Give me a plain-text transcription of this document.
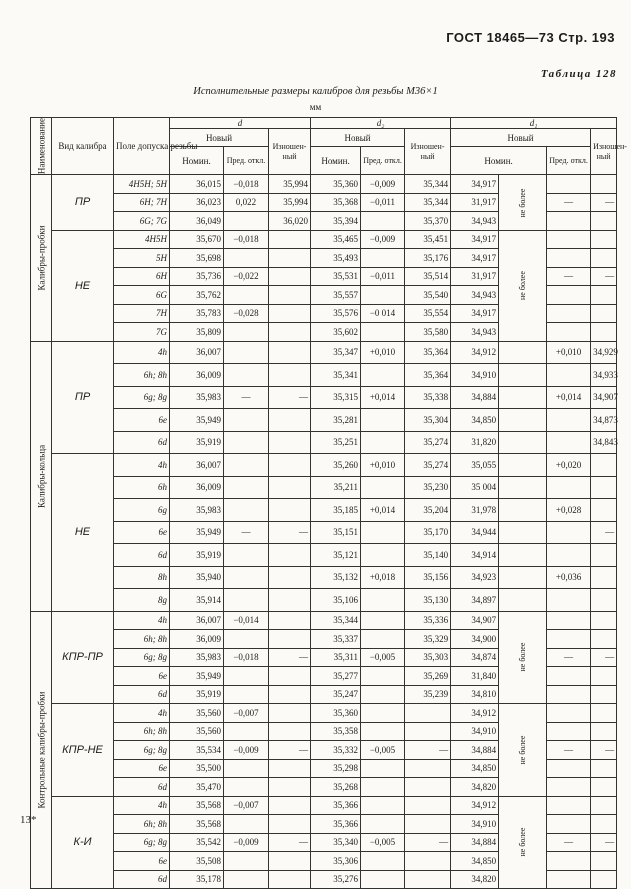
ГОСТ 18465—73 Стр. 193
Таблица 128
Исполнительные размеры калибров для резьбы М36×1
мм
Наименование	Вид калибра	Поле допуска резьбы	d			d₂			d₁			
			Новый		Изношен-ный	Новый		Изношен-ный	Новый			Изношен-ный
			Номин.	Пред. откл.		Номин.	Пред. откл.		Номин.		Пред. откл.	
Калибры-пробки	ПР	4H5H; 5H	36,015	−0,018	35,994	35,360	−0,009	35,344	34,917	не более		
		6H; 7H	36,023	0,022	35,994	35,368	−0,011	35,344	31,917		—	—
		6G; 7G	36,049		36,020	35,394		35,370	34,943			
	НЕ	4H5H	35,670	−0,018		35,465	−0,009	35,451	34,917	не более		
		5H	35,698			35,493		35,176	34,917			
		6H	35,736	−0,022		35,531	−0,011	35,514	31,917		—	—
		6G	35,762			35,557		35,540	34,943			
		7H	35,783	−0,028		35,576	−0 014	35,554	34,917			
		7G	35,809			35,602		35,580	34,943			
Калибры-кольца	ПР	4h	36,007			35,347	+0,010	35,364	34,912		+0,010	34,929
		6h; 8h	36,009			35,341		35,364	34,910			34,933
		6g; 8g	35,983	—	—	35,315	+0,014	35,338	34,884		+0,014	34,907
		6e	35,949			35,281		35,304	34,850			34,873
		6d	35,919			35,251		35,274	31,820			34,843
	НЕ	4h	36,007			35,260	+0,010	35,274	35,055		+0,020	
		6h	36,009			35,211		35,230	35 004			
		6g	35,983			35,185	+0,014	35,204	31,978		+0,028	
		6e	35,949	—	—	35,151		35,170	34,944			—
		6d	35,919			35,121		35,140	34,914			
		8h	35,940			35,132	+0,018	35,156	34,923		+0,036	
		8g	35,914			35,106		35,130	34,897			
Контрольные калибры-пробки	КПР-ПР	4h	36,007	−0,014		35,344		35,336	34,907	не более		
		6h; 8h	36,009			35,337		35,329	34,900			
		6g; 8g	35,983	−0,018	—	35,311	−0,005	35,303	34,874		—	—
		6e	35,949			35,277		35,269	31,840			
		6d	35,919			35,247		35,239	34,810			
	КПР-НЕ	4h	35,560	−0,007		35,360			34,912	не более		
		6h; 8h	35,560			35,358			34,910			
		6g; 8g	35,534	−0,009	—	35,332	−0,005	—	34,884		—	—
		6e	35,500			35,298			34,850			
		6d	35,470			35,268			34,820			
	К-И	4h	35,568	−0,007		35,366			34,912	не более		
		6h; 8h	35,568			35,366			34,910			
		6g; 8g	35,542	−0,009	—	35,340	−0,005	—	34,884		—	—
		6e	35,508			35,306			34,850			
		6d	35,178			35,276			34,820			
13*
